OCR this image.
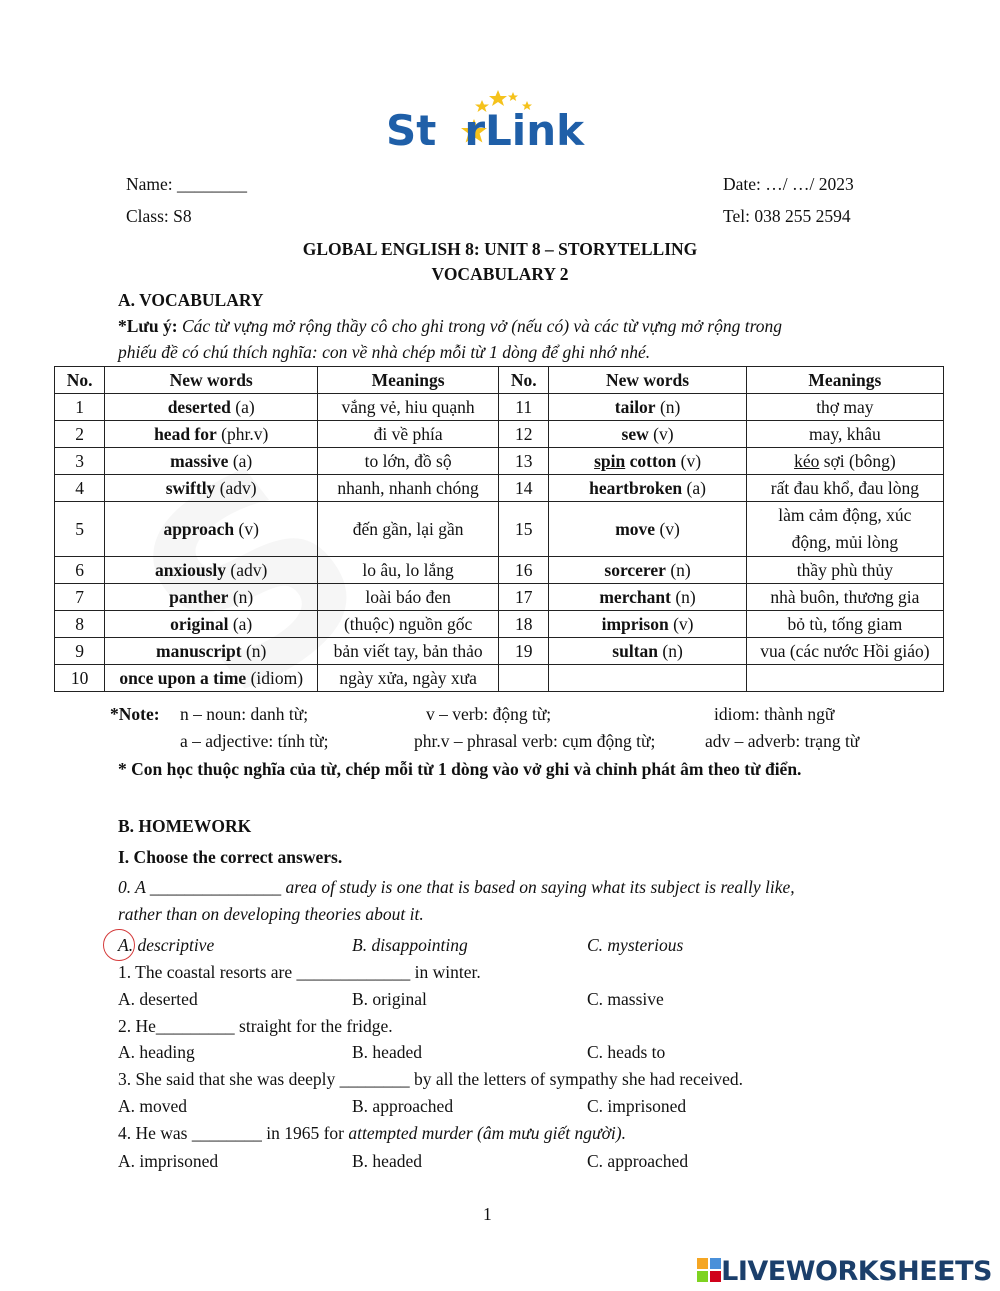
St rLink
Name: ________	Date: …/ …/ 2023
Class: S8	Tel: 038 255 2594
GLOBAL ENGLISH 8: UNIT 8 – STORYTELLING
VOCABULARY 2
A. VOCABULARY
*Lưu ý: Các từ vựng mở rộng thầy cô cho ghi trong vở (nếu có) và các từ vựng mở rộng trong
phiếu đề có chú thích nghĩa: con về nhà chép mỗi từ 1 dòng để ghi nhớ nhé.
No.	New words	Meanings	No.	New words	Meanings
1	deserted (a)	vắng vẻ, hiu quạnh	11	tailor (n)	thợ may
2	head for (phr.v)	đi về phía	12	sew (v)	may, khâu
3	massive (a)	to lớn, đồ sộ	13	spin cotton (v)	kéo sợi (bông)
4	swiftly (adv)	nhanh, nhanh chóng	14	heartbroken (a)	rất đau khổ, đau lòng
5	approach (v)	đến gần, lại gần	15	move (v)	làm cảm động, xúc
động, mủi lòng
6	anxiously (adv)	lo âu, lo lắng	16	sorcerer (n)	thầy phù thủy
7	panther (n)	loài báo đen	17	merchant (n)	nhà buôn, thương gia
8	original (a)	(thuộc) nguồn gốc	18	imprison (v)	bỏ tù, tống giam
9	manuscript (n)	bản viết tay, bản thảo	19	sultan (n)	vua (các nước Hồi giáo)
10	once upon a time (idiom)	ngày xửa, ngày xưa			
*Note: n – noun: danh từ;	v – verb: động từ;	idiom: thành ngữ
a – adjective: tính từ;	phr.v – phrasal verb: cụm động từ;	adv – adverb: trạng từ
* Con học thuộc nghĩa của từ, chép mỗi từ 1 dòng vào vở ghi và chỉnh phát âm theo từ điển.
B. HOMEWORK
I. Choose the correct answers.
0. A _______________ area of study is one that is based on saying what its subject is really like,
rather than on developing theories about it.
A. descriptive	B. disappointing	C. mysterious
1. The coastal resorts are _____________ in winter.
A. deserted	B. original	C. massive
2. He_________ straight for the fridge.
A. heading	B. headed	C. heads to
3. She said that she was deeply ________ by all the letters of sympathy she had received.
A. moved	B. approached	C. imprisoned
4. He was ________ in 1965 for attempted murder (âm mưu giết người).
A. imprisoned	B. headed	C. approached
1
LIVEWORKSHEETS
